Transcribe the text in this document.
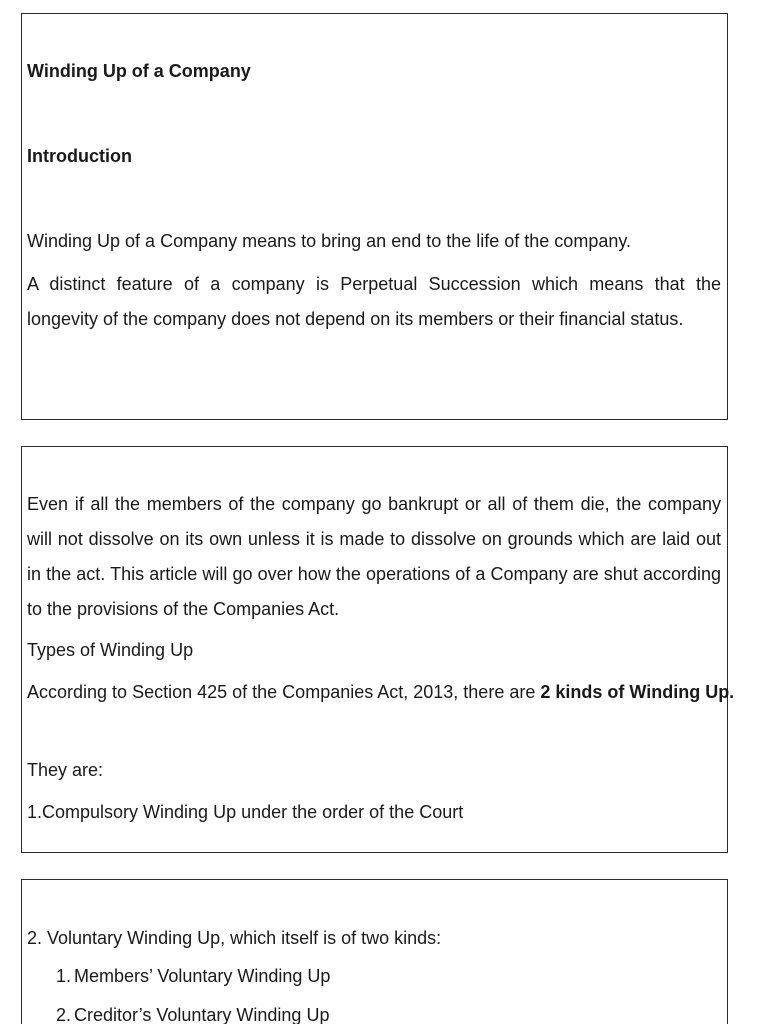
Winding Up of a Company

Introduction

Winding Up of a Company means to bring an end to the life of the company.

A distinct feature of a company is Perpetual Succession which means that the longevity of the company does not depend on its members or their financial status.

Even if all the members of the company go bankrupt or all of them die, the company will not dissolve on its own unless it is made to dissolve on grounds which are laid out in the act. This article will go over how the operations of a Company are shut according to the provisions of the Companies Act.

Types of Winding Up

According to Section 425 of the Companies Act, 2013, there are 2 kinds of Winding Up.

They are:

1.Compulsory Winding Up under the order of the Court

2. Voluntary Winding Up, which itself is of two kinds:

1. Members’ Voluntary Winding Up

2. Creditor’s Voluntary Winding Up
